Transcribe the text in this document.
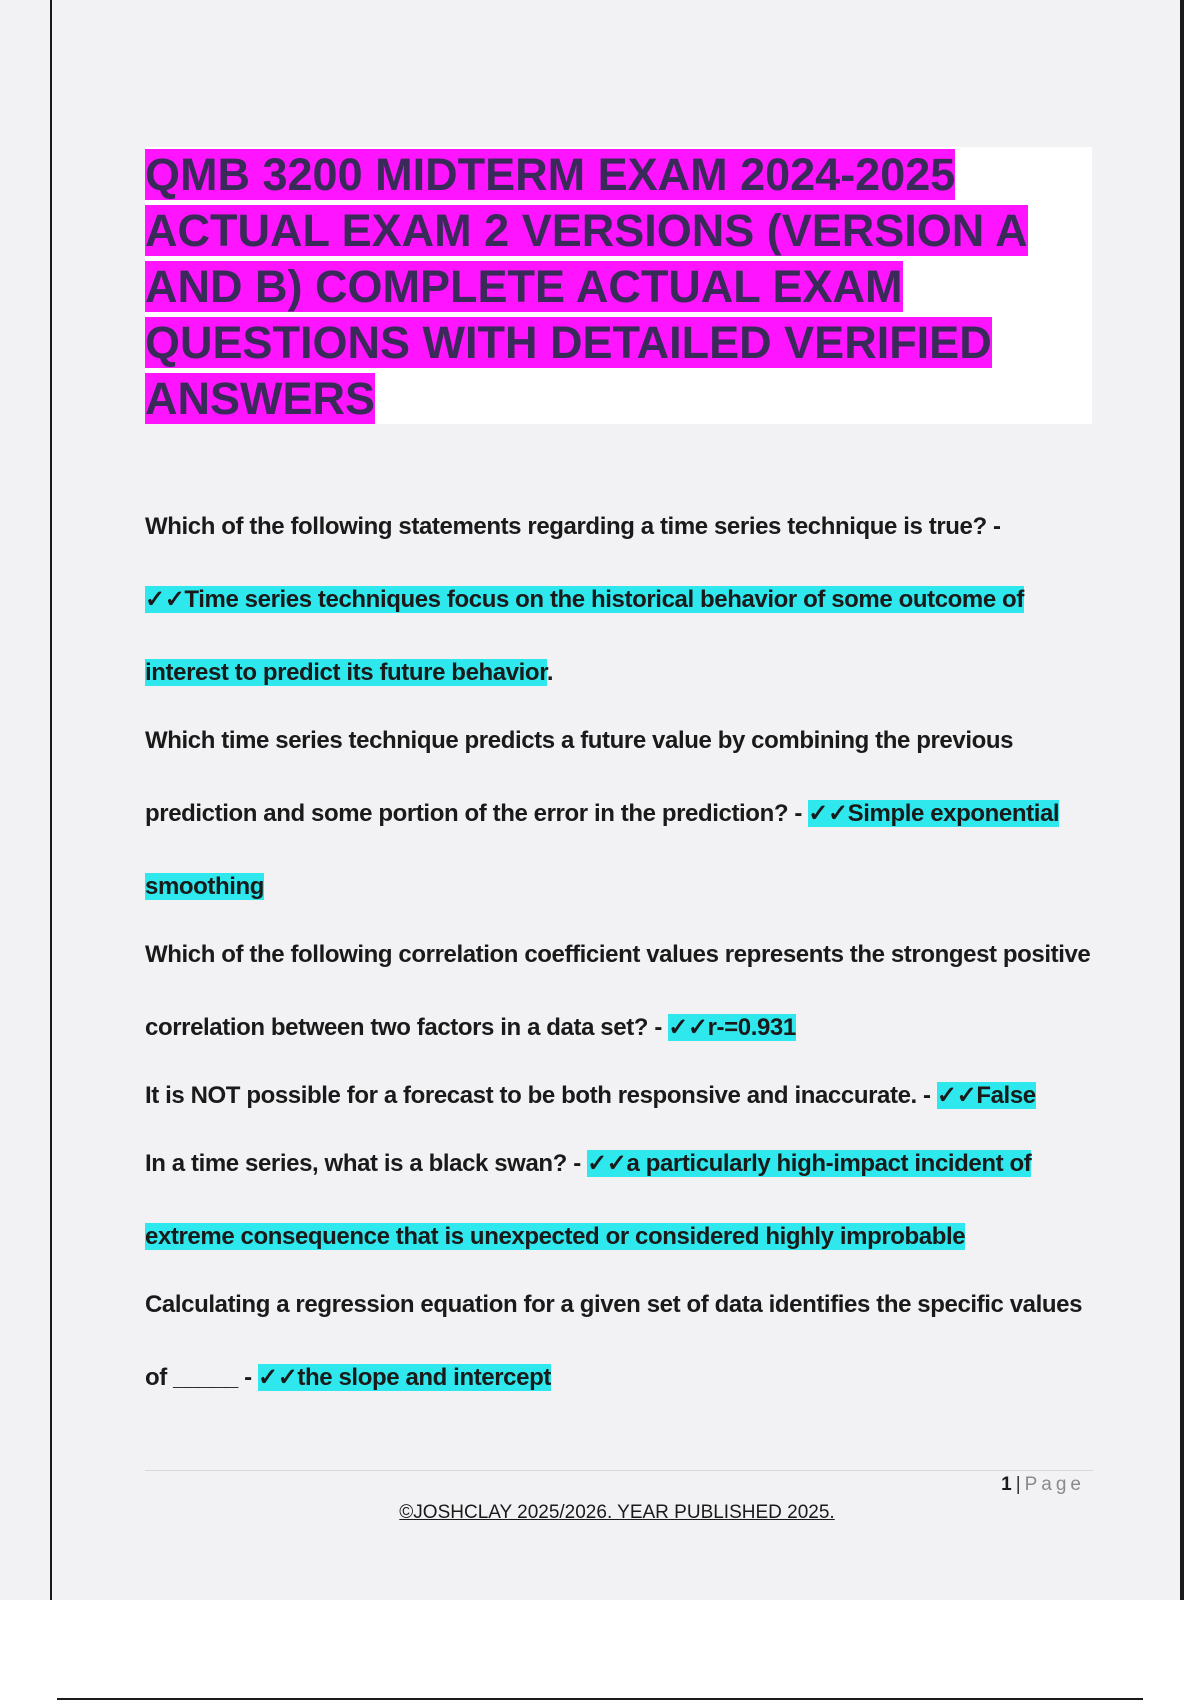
QMB 3200 MIDTERM EXAM 2024-2025 ACTUAL EXAM 2 VERSIONS (VERSION A AND B) COMPLETE ACTUAL EXAM QUESTIONS WITH DETAILED VERIFIED ANSWERS

Which of the following statements regarding a time series technique is true? - ✓✓Time series techniques focus on the historical behavior of some outcome of interest to predict its future behavior.

Which time series technique predicts a future value by combining the previous prediction and some portion of the error in the prediction? - ✓✓Simple exponential smoothing

Which of the following correlation coefficient values represents the strongest positive correlation between two factors in a data set? - ✓✓r-=0.931

It is NOT possible for a forecast to be both responsive and inaccurate. - ✓✓False

In a time series, what is a black swan? - ✓✓a particularly high-impact incident of extreme consequence that is unexpected or considered highly improbable

Calculating a regression equation for a given set of data identifies the specific values of _____ - ✓✓the slope and intercept

1 | Page
©JOSHCLAY 2025/2026. YEAR PUBLISHED 2025.
